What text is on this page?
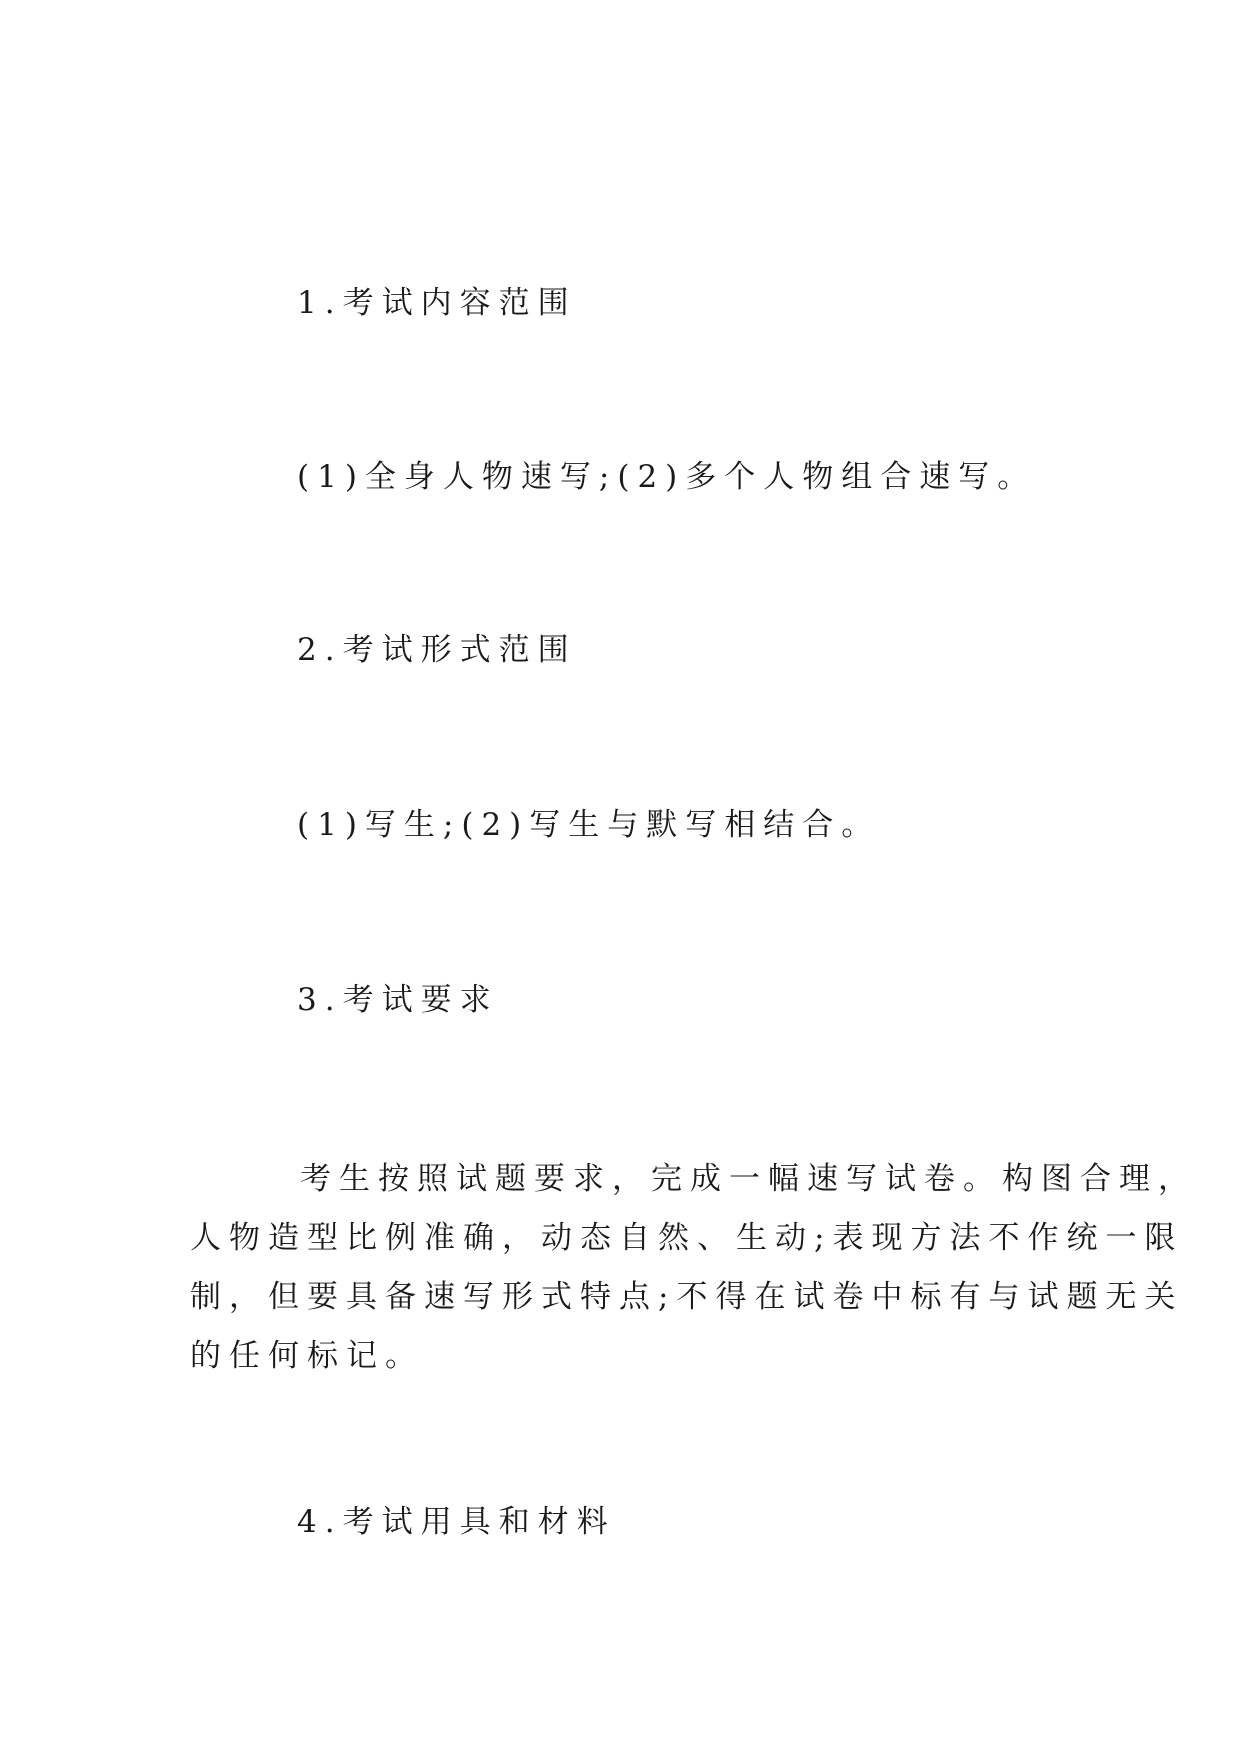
1.考试内容范围

(1)全身人物速写;(2)多个人物组合速写。

2.考试形式范围

(1)写生;(2)写生与默写相结合。

3.考试要求

考生按照试题要求，完成一幅速写试卷。构图合理，
人物造型比例准确，动态自然、生动;表现方法不作统一限
制，但要具备速写形式特点;不得在试卷中标有与试题无关
的任何标记。

4.考试用具和材料
